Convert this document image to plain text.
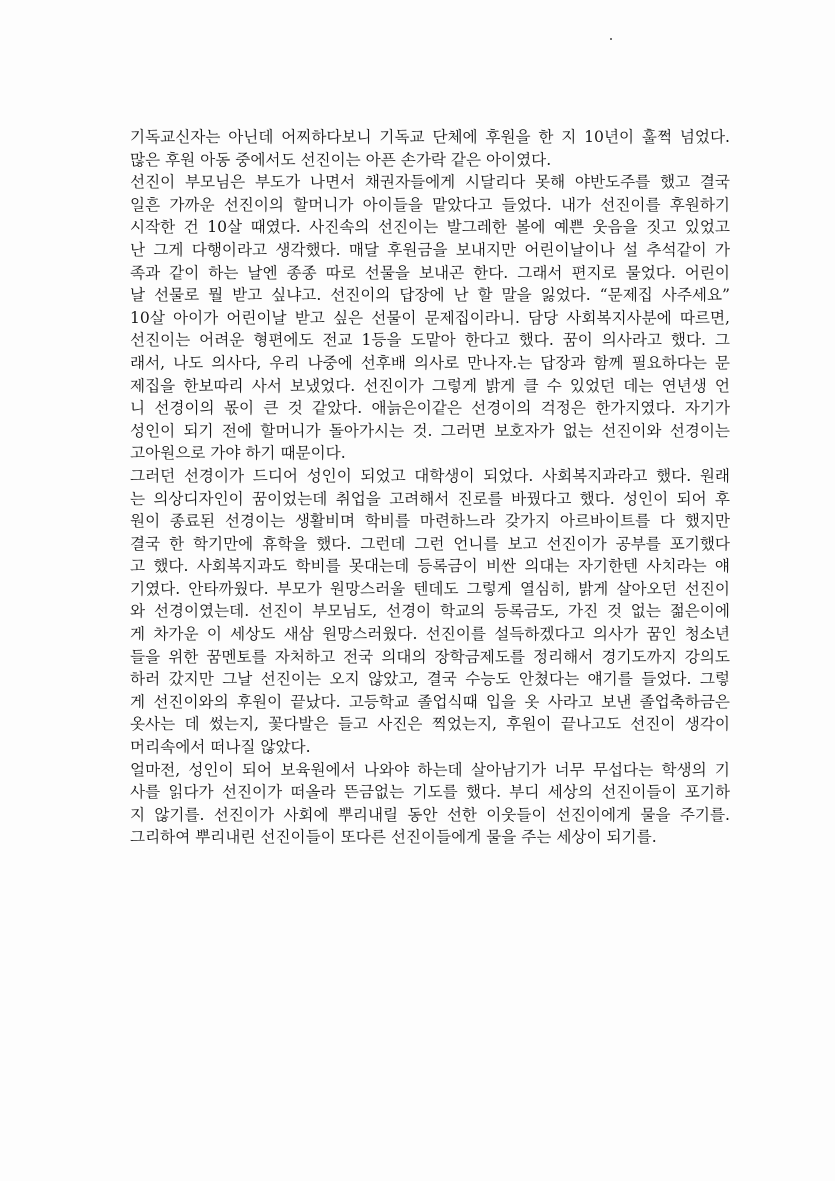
기독교신자는 아닌데 어찌하다보니 기독교 단체에 후원을 한 지 10년이 훌쩍 넘었다.
많은 후원 아동 중에서도 선진이는 아픈 손가락 같은 아이였다.
선진이 부모님은 부도가 나면서 채권자들에게 시달리다 못해 야반도주를 했고 결국
일흔 가까운 선진이의 할머니가 아이들을 맡았다고 들었다. 내가 선진이를 후원하기
시작한 건 10살 때였다. 사진속의 선진이는 발그레한 볼에 예쁜 웃음을 짓고 있었고
난 그게 다행이라고 생각했다. 매달 후원금을 보내지만 어린이날이나 설 추석같이 가
족과 같이 하는 날엔 종종 따로 선물을 보내곤 한다. 그래서 편지로 물었다. 어린이
날 선물로 뭘 받고 싶냐고. 선진이의 답장에 난 할 말을 잃었다. “문제집 사주세요”
10살 아이가 어린이날 받고 싶은 선물이 문제집이라니. 담당 사회복지사분에 따르면,
선진이는 어려운 형편에도 전교 1등을 도맡아 한다고 했다. 꿈이 의사라고 했다. 그
래서, 나도 의사다, 우리 나중에 선후배 의사로 만나자.는 답장과 함께 필요하다는 문
제집을 한보따리 사서 보냈었다. 선진이가 그렇게 밝게 클 수 있었던 데는 연년생 언
니 선경이의 몫이 큰 것 같았다. 애늙은이같은 선경이의 걱정은 한가지였다. 자기가
성인이 되기 전에 할머니가 돌아가시는 것. 그러면 보호자가 없는 선진이와 선경이는
고아원으로 가야 하기 때문이다.
그러던 선경이가 드디어 성인이 되었고 대학생이 되었다. 사회복지과라고 했다. 원래
는 의상디자인이 꿈이었는데 취업을 고려해서 진로를 바꿨다고 했다. 성인이 되어 후
원이 종료된 선경이는 생활비며 학비를 마련하느라 갖가지 아르바이트를 다 했지만
결국 한 학기만에 휴학을 했다. 그런데 그런 언니를 보고 선진이가 공부를 포기했다
고 했다. 사회복지과도 학비를 못대는데 등록금이 비싼 의대는 자기한텐 사치라는 얘
기였다. 안타까웠다. 부모가 원망스러울 텐데도 그렇게 열심히, 밝게 살아오던 선진이
와 선경이였는데. 선진이 부모님도, 선경이 학교의 등록금도, 가진 것 없는 젊은이에
게 차가운 이 세상도 새삼 원망스러웠다. 선진이를 설득하겠다고 의사가 꿈인 청소년
들을 위한 꿈멘토를 자처하고 전국 의대의 장학금제도를 정리해서 경기도까지 강의도
하러 갔지만 그날 선진이는 오지 않았고, 결국 수능도 안쳤다는 얘기를 들었다. 그렇
게 선진이와의 후원이 끝났다. 고등학교 졸업식때 입을 옷 사라고 보낸 졸업축하금은
옷사는 데 썼는지, 꽃다발은 들고 사진은 찍었는지, 후원이 끝나고도 선진이 생각이
머리속에서 떠나질 않았다.
얼마전, 성인이 되어 보육원에서 나와야 하는데 살아남기가 너무 무섭다는 학생의 기
사를 읽다가 선진이가 떠올라 뜬금없는 기도를 했다. 부디 세상의 선진이들이 포기하
지 않기를. 선진이가 사회에 뿌리내릴 동안 선한 이웃들이 선진이에게 물을 주기를.
그리하여 뿌리내린 선진이들이 또다른 선진이들에게 물을 주는 세상이 되기를.
